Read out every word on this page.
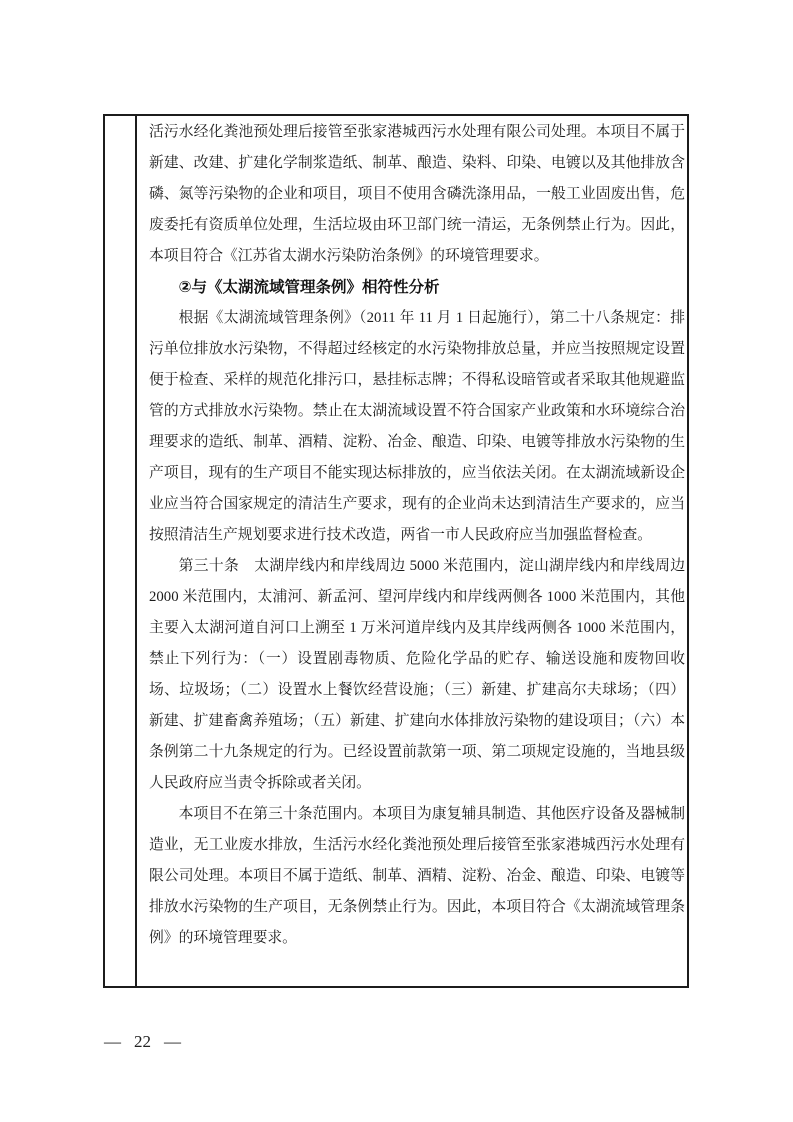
活污水经化粪池预处理后接管至张家港城西污水处理有限公司处理。本项目不属于新建、改建、扩建化学制浆造纸、制革、酿造、染料、印染、电镀以及其他排放含磷、氮等污染物的企业和项目，项目不使用含磷洗涤用品，一般工业固废出售，危废委托有资质单位处理，生活垃圾由环卫部门统一清运，无条例禁止行为。因此，本项目符合《江苏省太湖水污染防治条例》的环境管理要求。

②与《太湖流域管理条例》相符性分析

根据《太湖流域管理条例》（2011 年 11 月 1 日起施行），第二十八条规定：排污单位排放水污染物，不得超过经核定的水污染物排放总量，并应当按照规定设置便于检查、采样的规范化排污口，悬挂标志牌；不得私设暗管或者采取其他规避监管的方式排放水污染物。禁止在太湖流域设置不符合国家产业政策和水环境综合治理要求的造纸、制革、酒精、淀粉、冶金、酿造、印染、电镀等排放水污染物的生产项目，现有的生产项目不能实现达标排放的，应当依法关闭。在太湖流域新设企业应当符合国家规定的清洁生产要求，现有的企业尚未达到清洁生产要求的，应当按照清洁生产规划要求进行技术改造，两省一市人民政府应当加强监督检查。

第三十条　太湖岸线内和岸线周边 5000 米范围内，淀山湖岸线内和岸线周边 2000 米范围内，太浦河、新孟河、望河岸线内和岸线两侧各 1000 米范围内，其他主要入太湖河道自河口上溯至 1 万米河道岸线内及其岸线两侧各 1000 米范围内，禁止下列行为：（一）设置剧毒物质、危险化学品的贮存、输送设施和废物回收场、垃圾场；（二）设置水上餐饮经营设施；（三）新建、扩建高尔夫球场；（四）新建、扩建畜禽养殖场；（五）新建、扩建向水体排放污染物的建设项目；（六）本条例第二十九条规定的行为。已经设置前款第一项、第二项规定设施的，当地县级人民政府应当责令拆除或者关闭。

本项目不在第三十条范围内。本项目为康复辅具制造、其他医疗设备及器械制造业，无工业废水排放，生活污水经化粪池预处理后接管至张家港城西污水处理有限公司处理。本项目不属于造纸、制革、酒精、淀粉、冶金、酿造、印染、电镀等排放水污染物的生产项目，无条例禁止行为。因此，本项目符合《太湖流域管理条例》的环境管理要求。

— 22 —
